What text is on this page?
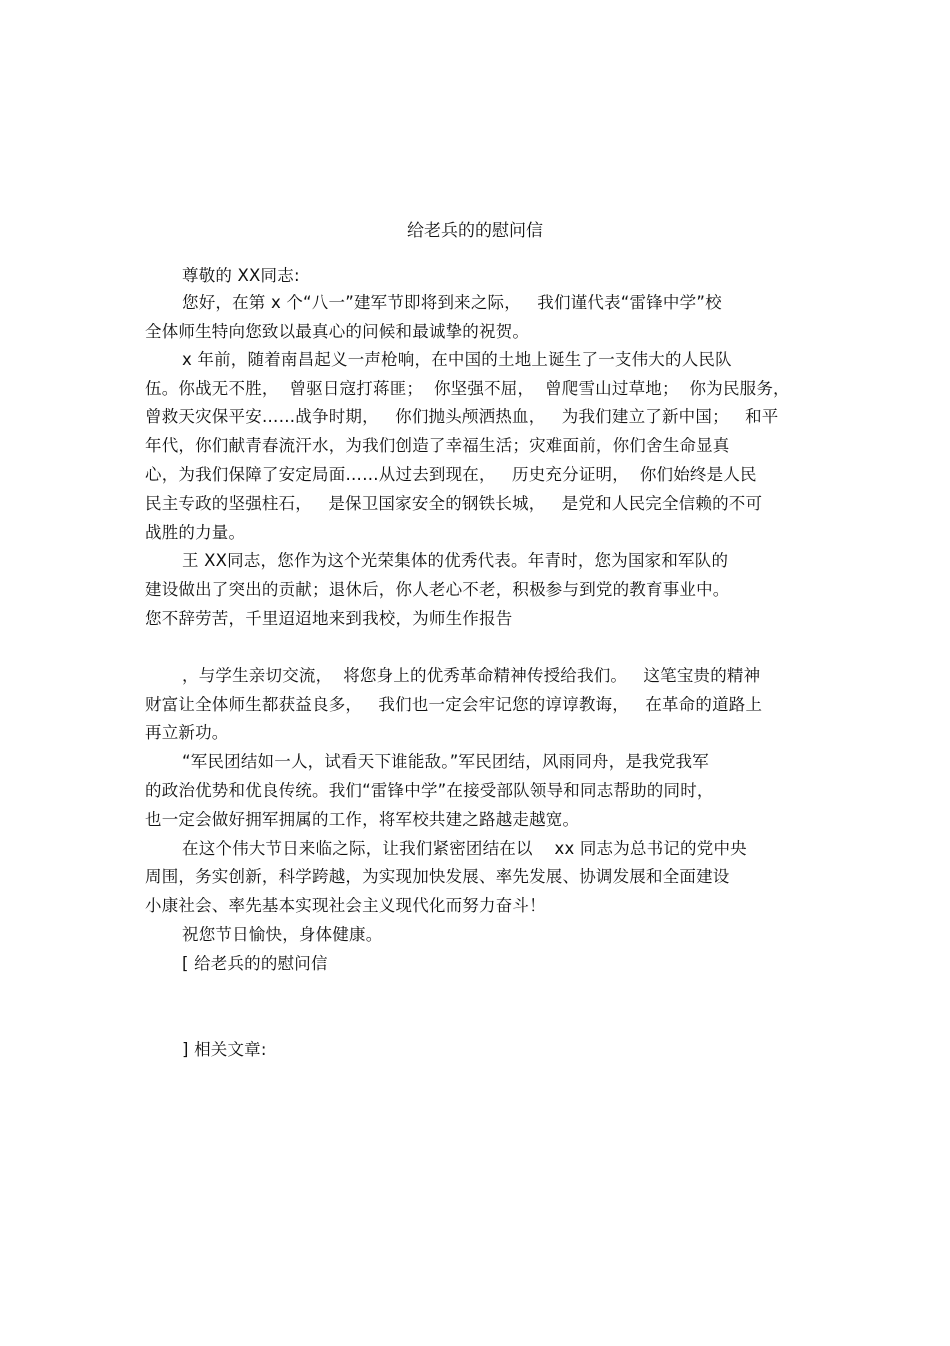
给老兵的的慰问信
尊敬的 XX同志:
您好，在第 x 个“八一”建军节即将到来之际，   我们谨代表“雷锋中学”校
全体师生特向您致以最真心的问候和最诚挚的祝贺。
x 年前，随着南昌起义一声枪响，在中国的土地上诞生了一支伟大的人民队
伍。你战无不胜，  曾驱日寇打蒋匪；  你坚强不屈，  曾爬雪山过草地；  你为民服务，
曾救天灾保平安……战争时期，   你们抛头颅洒热血，   为我们建立了新中国；   和平
年代，你们献青春流汗水，为我们创造了幸福生活；灾难面前，你们舍生命显真
心，为我们保障了安定局面……从过去到现在，   历史充分证明，  你们始终是人民
民主专政的坚强柱石，   是保卫国家安全的钢铁长城，   是党和人民完全信赖的不可
战胜的力量。
王 XX同志，您作为这个光荣集体的优秀代表。年青时，您为国家和军队的
建设做出了突出的贡献；退休后，你人老心不老，积极参与到党的教育事业中。
您不辞劳苦，千里迢迢地来到我校，为师生作报告
，与学生亲切交流，  将您身上的优秀革命精神传授给我们。   这笔宝贵的精神
财富让全体师生都获益良多，   我们也一定会牢记您的谆谆教诲，   在革命的道路上
再立新功。
“军民团结如一人，试看天下谁能敌。”军民团结，风雨同舟，是我党我军
的政治优势和优良传统。我们“雷锋中学”在接受部队领导和同志帮助的同时，
也一定会做好拥军拥属的工作，将军校共建之路越走越宽。
在这个伟大节日来临之际，让我们紧密团结在以    xx 同志为总书记的党中央
周围，务实创新，科学跨越，为实现加快发展、率先发展、协调发展和全面建设
小康社会、率先基本实现社会主义现代化而努力奋斗！
祝您节日愉快，身体健康。
[ 给老兵的的慰问信
] 相关文章:
